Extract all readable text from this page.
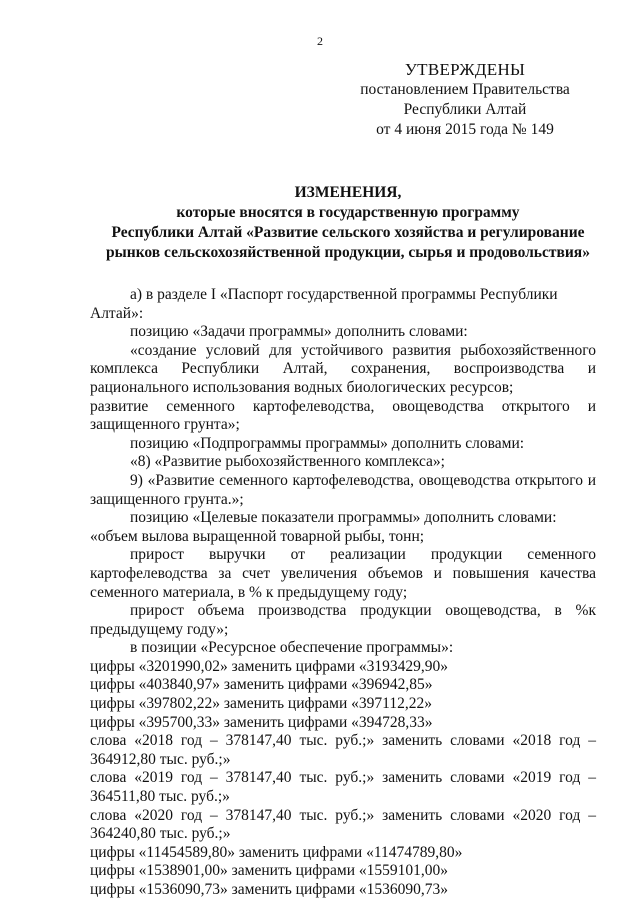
2
УТВЕРЖДЕНЫ
постановлением Правительства
Республики Алтай
от 4 июня 2015 года № 149
ИЗМЕНЕНИЯ,
которые вносятся в государственную программу
Республики Алтай «Развитие сельского хозяйства и регулирование
рынков сельскохозяйственной продукции, сырья и продовольствия»

а) в разделе I «Паспорт государственной программы Республики Алтай»:

позицию «Задачи программы» дополнить словами:

«создание условий для устойчивого развития рыбохозяйственного комплекса Республики Алтай, сохранения, воспроизводства и рационального использования водных биологических ресурсов;

развитие семенного картофелеводства, овощеводства открытого и защищенного грунта»;

позицию «Подпрограммы программы» дополнить словами:

«8) «Развитие рыбохозяйственного комплекса»;

9) «Развитие семенного картофелеводства, овощеводства открытого и защищенного грунта.»;

позицию «Целевые показатели программы» дополнить словами:

«объем вылова выращенной товарной рыбы, тонн;

прирост выручки от реализации продукции семенного картофелеводства за счет увеличения объемов и повышения качества семенного материала, в % к предыдущему году;

прирост объема производства продукции овощеводства, в %к предыдущему году»;

в позиции «Ресурсное обеспечение программы»:

цифры «3201990,02» заменить цифрами «3193429,90»

цифры «403840,97» заменить цифрами «396942,85»

цифры «397802,22» заменить цифрами «397112,22»

цифры «395700,33» заменить цифрами «394728,33»

слова «2018 год – 378147,40 тыс. руб.;» заменить словами «2018 год – 364912,80 тыс. руб.;»

слова «2019 год – 378147,40 тыс. руб.;» заменить словами «2019 год – 364511,80 тыс. руб.;»

слова «2020 год – 378147,40 тыс. руб.;» заменить словами «2020 год – 364240,80 тыс. руб.;»

цифры «11454589,80» заменить цифрами «11474789,80»

цифры «1538901,00» заменить цифрами «1559101,00»

цифры «1536090,73» заменить цифрами «1536090,73»
